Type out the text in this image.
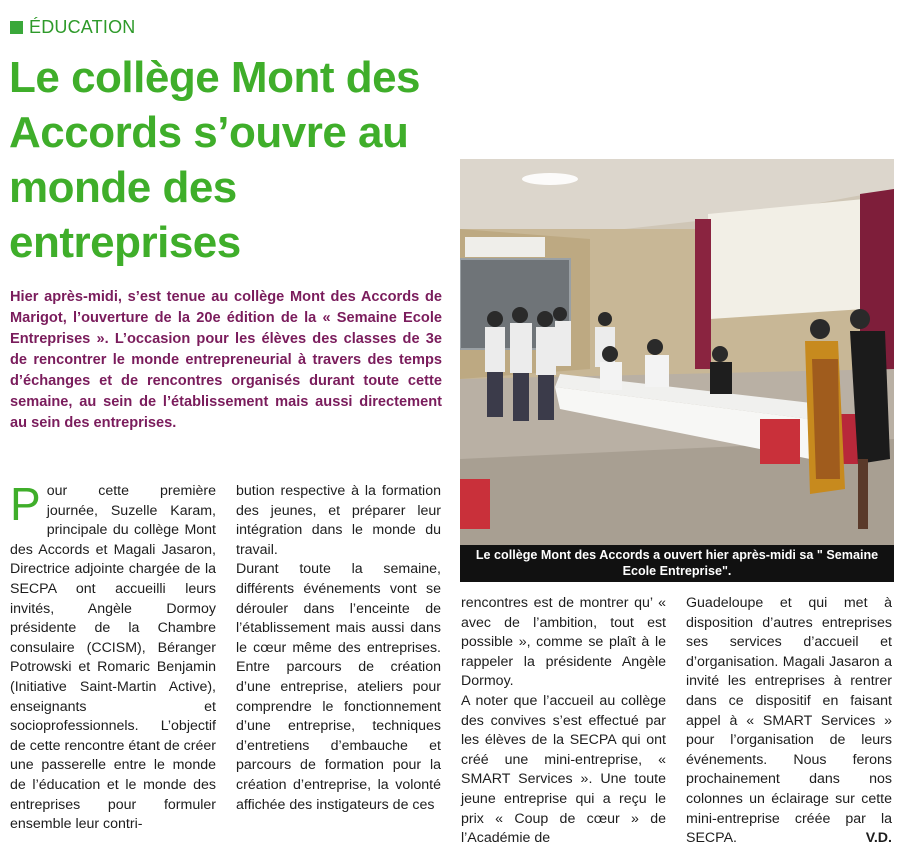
ÉDUCATION
Le collège Mont des Accords s’ouvre au monde des entreprises

Hier après-midi, s’est tenue au collège Mont des Accords de Marigot, l’ouverture de la 20e édition de la « Semaine Ecole Entreprises ». L’occasion pour les élèves des classes de 3e de rencontrer le monde entrepreneurial à travers des temps d’échanges et de rencontres organisés durant toute cette semaine, au sein de l’établissement mais aussi directement au sein des entreprises.

Le collège Mont des Accords a ouvert hier après-midi sa " Semaine Ecole Entreprise".
P our cette première journée, Suzelle Karam, principale du collège Mont des Accords et Magali Jasaron, Directrice adjointe chargée de la SECPA ont accueilli leurs invités, Angèle Dormoy présidente de la Chambre consulaire (CCISM), Béranger Potrowski et Romaric Benjamin (Initiative Saint-Martin Active), enseignants et socioprofessionnels. L’objectif de cette rencontre étant de créer une passerelle entre le monde de l’éducation et le monde des entreprises pour formuler ensemble leur contri-

bution respective à la formation des jeunes, et préparer leur intégration dans le monde du travail.

Durant toute la semaine, différents événements vont se dérouler dans l’enceinte de l’établissement mais aussi dans le cœur même des entreprises. Entre parcours de création d’une entreprise, ateliers pour comprendre le fonctionnement d’une entreprise, techniques d’entretiens d’embauche et parcours de formation pour la création d’entreprise, la volonté affichée des instigateurs de ces

rencontres est de montrer qu’ « avec de l’ambition, tout est possible », comme se plaît à le rappeler la présidente Angèle Dormoy.

A noter que l’accueil au collège des convives s’est effectué par les élèves de la SECPA qui ont créé une mini-entreprise, « SMART Services ». Une toute jeune entreprise qui a reçu le prix « Coup de cœur » de l’Académie de

Guadeloupe et qui met à disposition d’autres entreprises ses services d’accueil et d’organisation. Magali Jasaron a invité les entreprises à rentrer dans ce dispositif en faisant appel à « SMART Services » pour l’organisation de leurs événements. Nous ferons prochainement dans nos colonnes un éclairage sur cette mini-entreprise créée par la SECPA.	V.D.
